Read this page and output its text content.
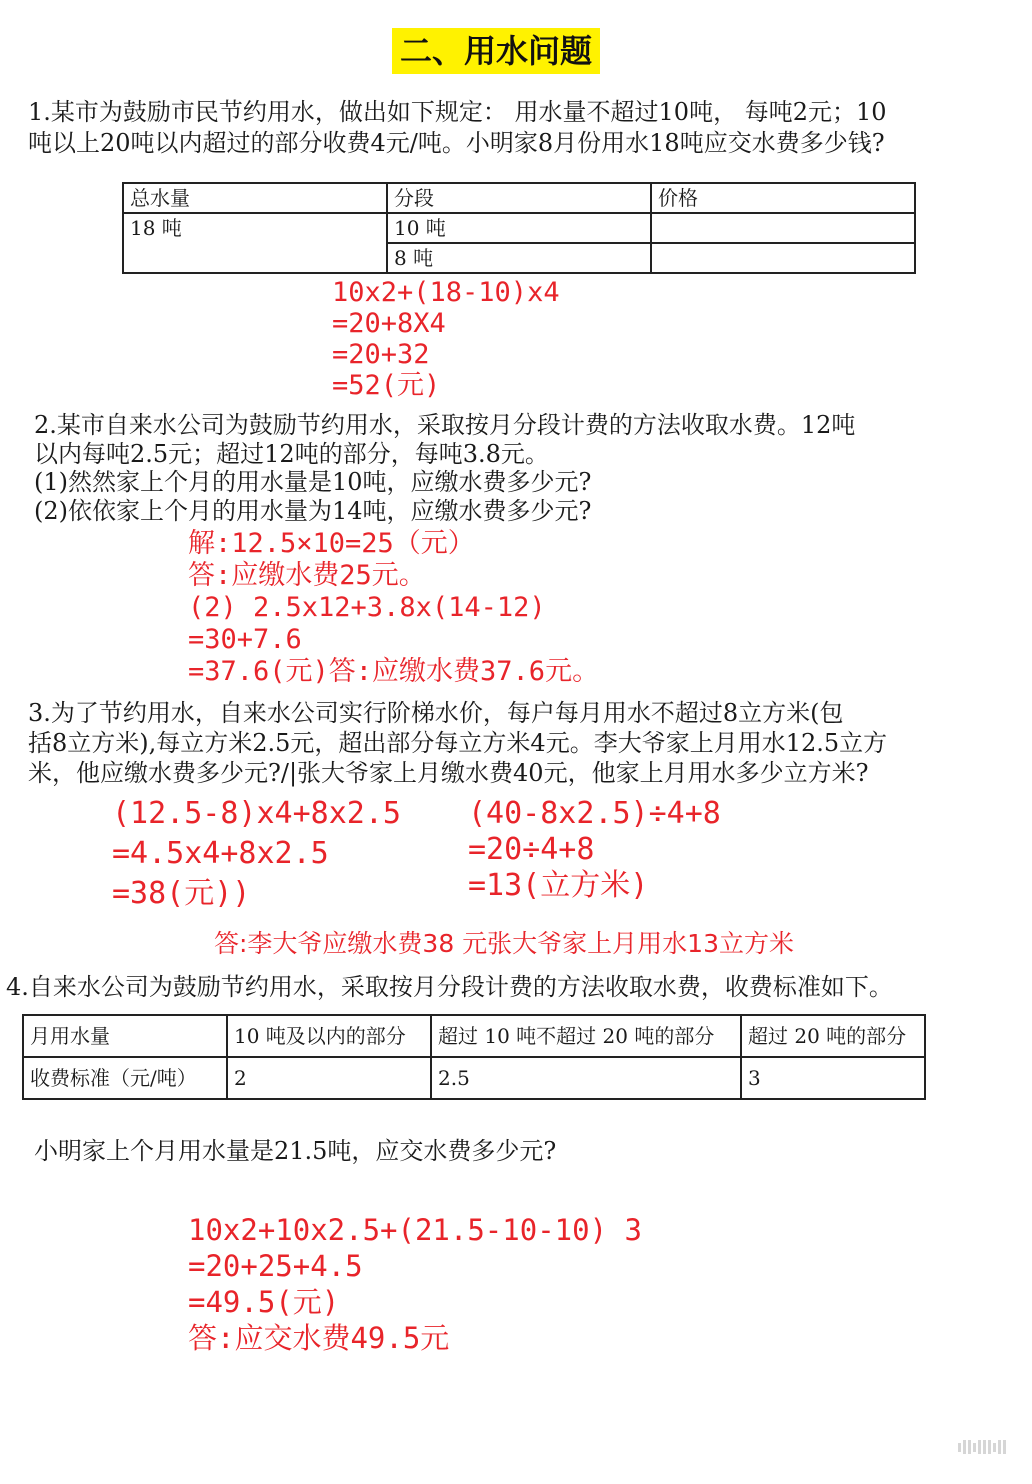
二、用水问题
1.某市为鼓励市民节约用水，做出如下规定： 用水量不超过10吨， 每吨2元；10
吨以上20吨以内超过的部分收费4元/吨。小明家8月份用水18吨应交水费多少钱?
总水量	分段	价格
18 吨	10 吨	
	8 吨	
10x2+(18-10)x4
=20+8X4
=20+32
=52(元)
2.某市自来水公司为鼓励节约用水，采取按月分段计费的方法收取水费。12吨
以内每吨2.5元；超过12吨的部分，每吨3.8元。
(1)然然家上个月的用水量是10吨，应缴水费多少元?
(2)依依家上个月的用水量为14吨，应缴水费多少元?
解:12.5×10=25（元）
答:应缴水费25元。
(2) 2.5x12+3.8x(14-12)
=30+7.6
=37.6(元)答:应缴水费37.6元。
3.为了节约用水，自来水公司实行阶梯水价，每户每月用水不超过8立方米(包
括8立方米),每立方米2.5元，超出部分每立方米4元。李大爷家上月用水12.5立方
米，他应缴水费多少元?/|张大爷家上月缴水费40元，他家上月用水多少立方米?
(12.5-8)x4+8x2.5
=4.5x4+8x2.5
=38(元))
(40-8x2.5)÷4+8
=20÷4+8
=13(立方米)
答:李大爷应缴水费38 元张大爷家上月用水13立方米
4.自来水公司为鼓励节约用水，采取按月分段计费的方法收取水费，收费标准如下。
月用水量	10 吨及以内的部分	超过 10 吨不超过 20 吨的部分	超过 20 吨的部分
收费标准（元/吨）	2	2.5	3
小明家上个月用水量是21.5吨，应交水费多少元?
10x2+10x2.5+(21.5-10-10) 3
=20+25+4.5
=49.5(元)
答:应交水费49.5元
